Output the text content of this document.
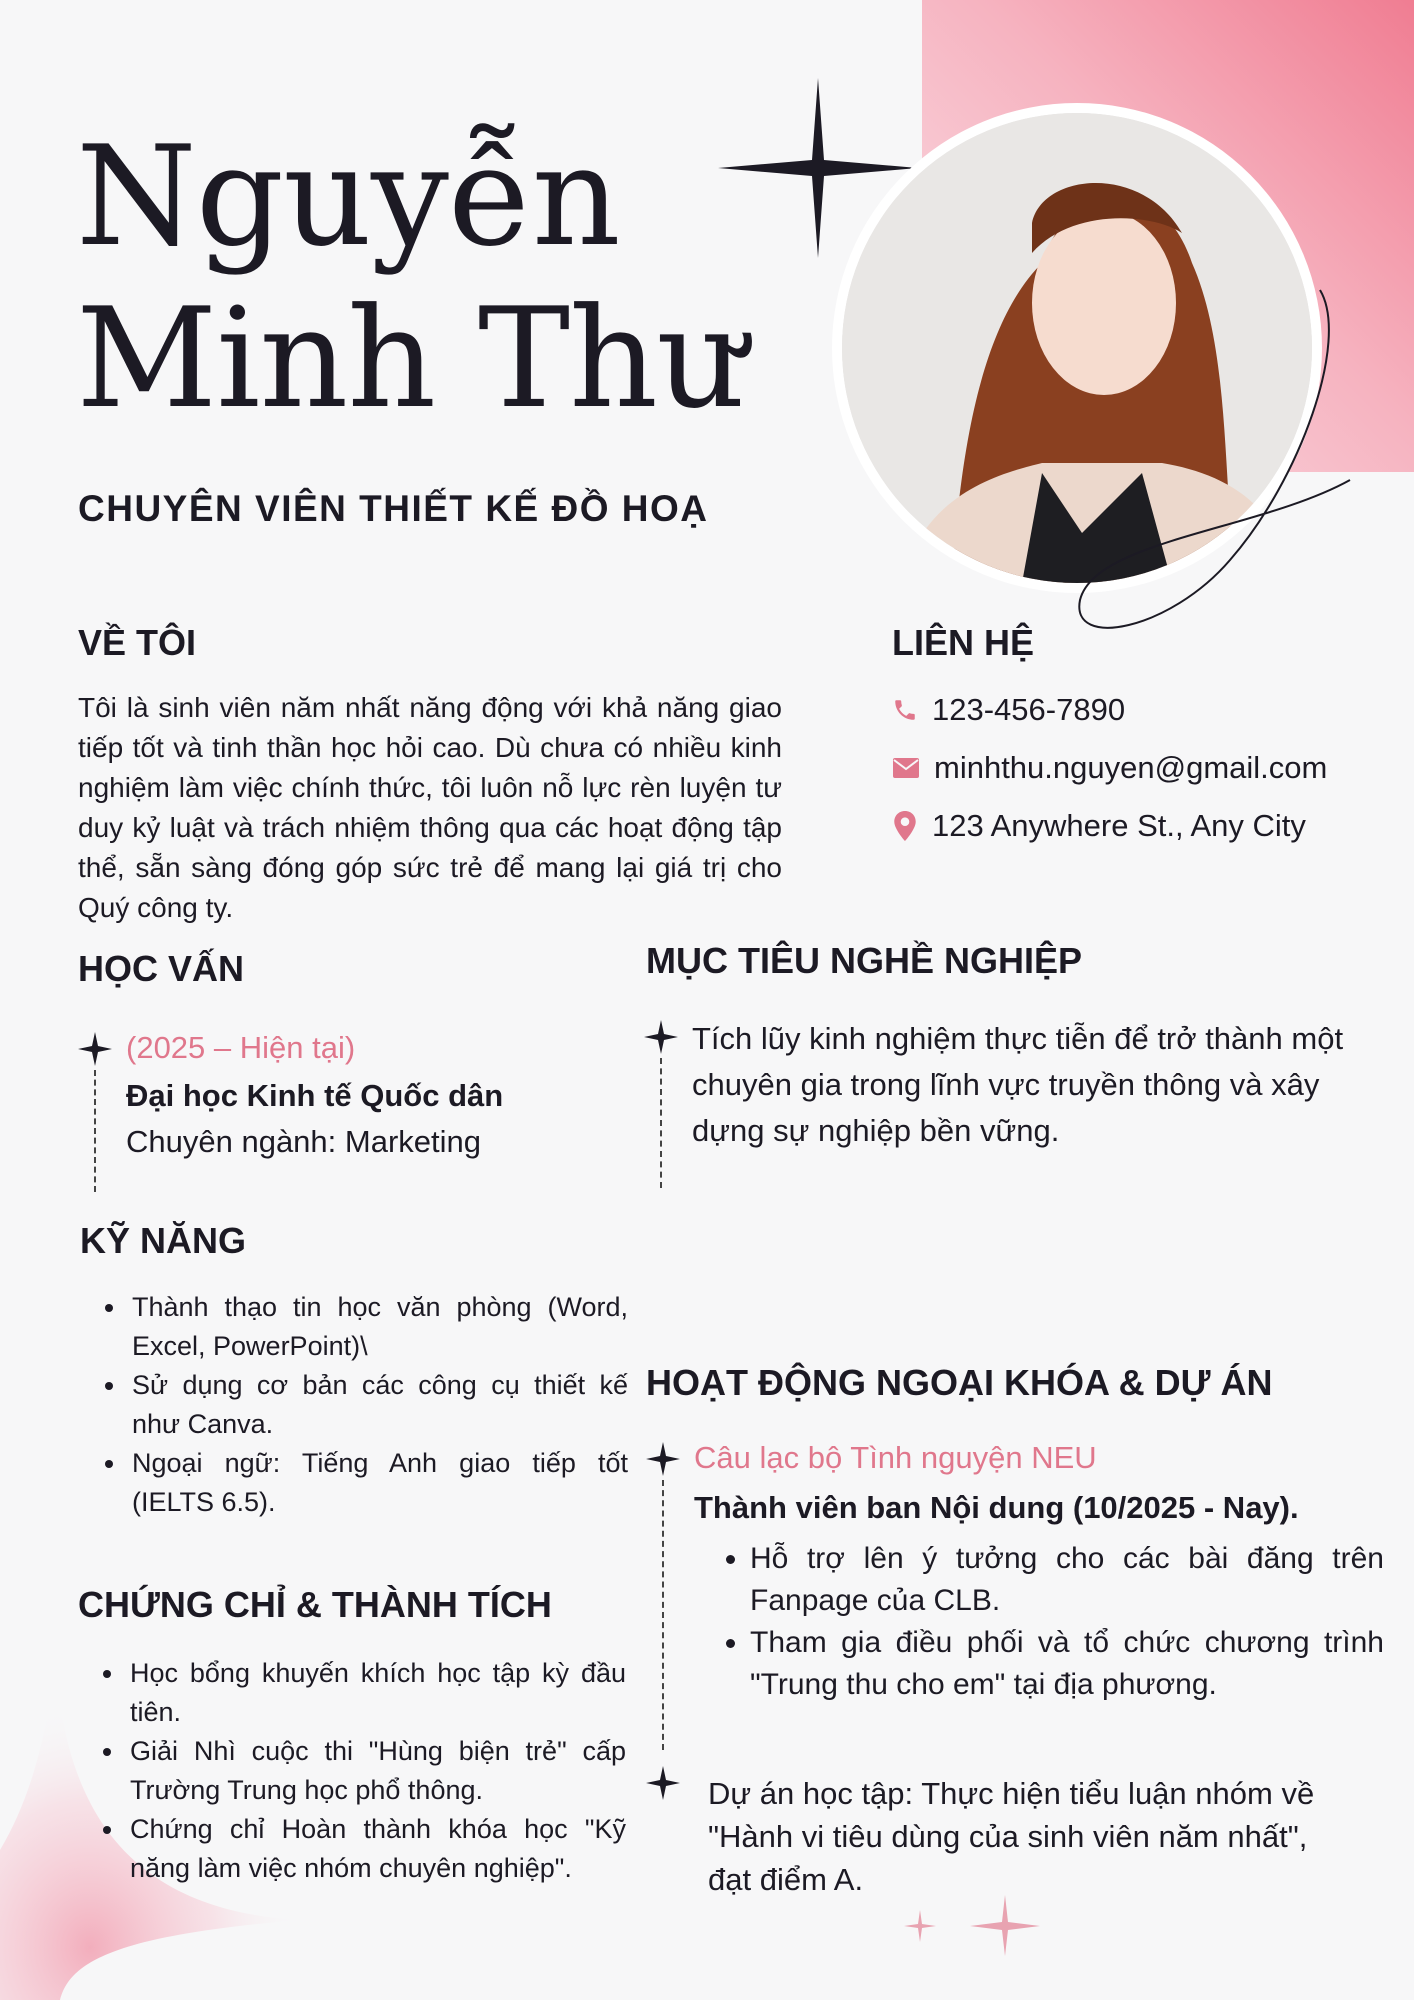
Nguyễn
Minh Thư
CHUYÊN VIÊN THIẾT KẾ ĐỒ HOẠ
VỀ TÔI
Tôi là sinh viên năm nhất năng động với khả năng giao tiếp tốt và tinh thần học hỏi cao. Dù chưa có nhiều kinh nghiệm làm việc chính thức, tôi luôn nỗ lực rèn luyện tư duy kỷ luật và trách nhiệm thông qua các hoạt động tập thể, sẵn sàng đóng góp sức trẻ để mang lại giá trị cho Quý công ty.
LIÊN HỆ
123-456-7890
minhthu.nguyen@gmail.com
123 Anywhere St., Any City
HỌC VẤN
(2025 – Hiện tại)
Đại học Kinh tế Quốc dân
Chuyên ngành: Marketing
MỤC TIÊU NGHỀ NGHIỆP
Tích lũy kinh nghiệm thực tiễn để trở thành một chuyên gia trong lĩnh vực truyền thông và xây dựng sự nghiệp bền vững.
KỸ NĂNG
• Thành thạo tin học văn phòng (Word, Excel, PowerPoint)\
• Sử dụng cơ bản các công cụ thiết kế như Canva.
• Ngoại ngữ: Tiếng Anh giao tiếp tốt (IELTS 6.5).
CHỨNG CHỈ & THÀNH TÍCH
• Học bổng khuyến khích học tập kỳ đầu tiên.
• Giải Nhì cuộc thi "Hùng biện trẻ" cấp Trường Trung học phổ thông.
• Chứng chỉ Hoàn thành khóa học "Kỹ năng làm việc nhóm chuyên nghiệp".
HOẠT ĐỘNG NGOẠI KHÓA & DỰ ÁN
Câu lạc bộ Tình nguyện NEU
Thành viên ban Nội dung (10/2025 - Nay).
• Hỗ trợ lên ý tưởng cho các bài đăng trên Fanpage của CLB.
• Tham gia điều phối và tổ chức chương trình "Trung thu cho em" tại địa phương.
Dự án học tập: Thực hiện tiểu luận nhóm về "Hành vi tiêu dùng của sinh viên năm nhất", đạt điểm A.
